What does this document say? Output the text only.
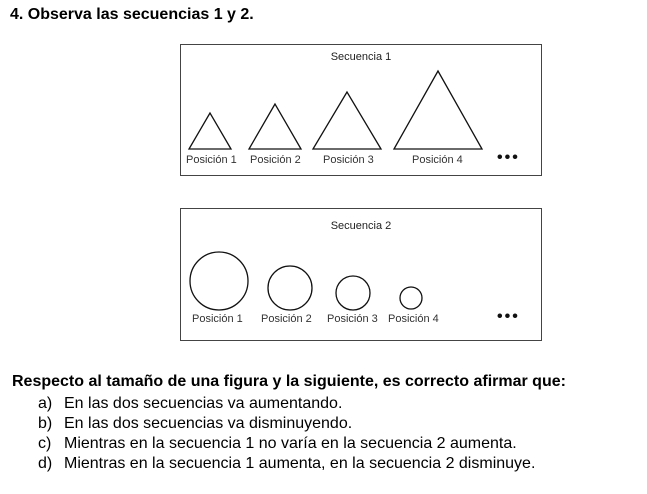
4. Observa las secuencias 1 y 2.
Secuencia 1
Posición 1 Posición 2 Posición 3	Posición 4 •••
Secuencia 2
Posición 1 Posición 2 Posición 3 Posición 4	•••
Respecto al tamaño de una figura y la siguiente, es correcto afirmar que:
a) En las dos secuencias va aumentando.
b) En las dos secuencias va disminuyendo.
c) Mientras en la secuencia 1 no varía en la secuencia 2 aumenta.
d) Mientras en la secuencia 1 aumenta, en la secuencia 2 disminuye.
